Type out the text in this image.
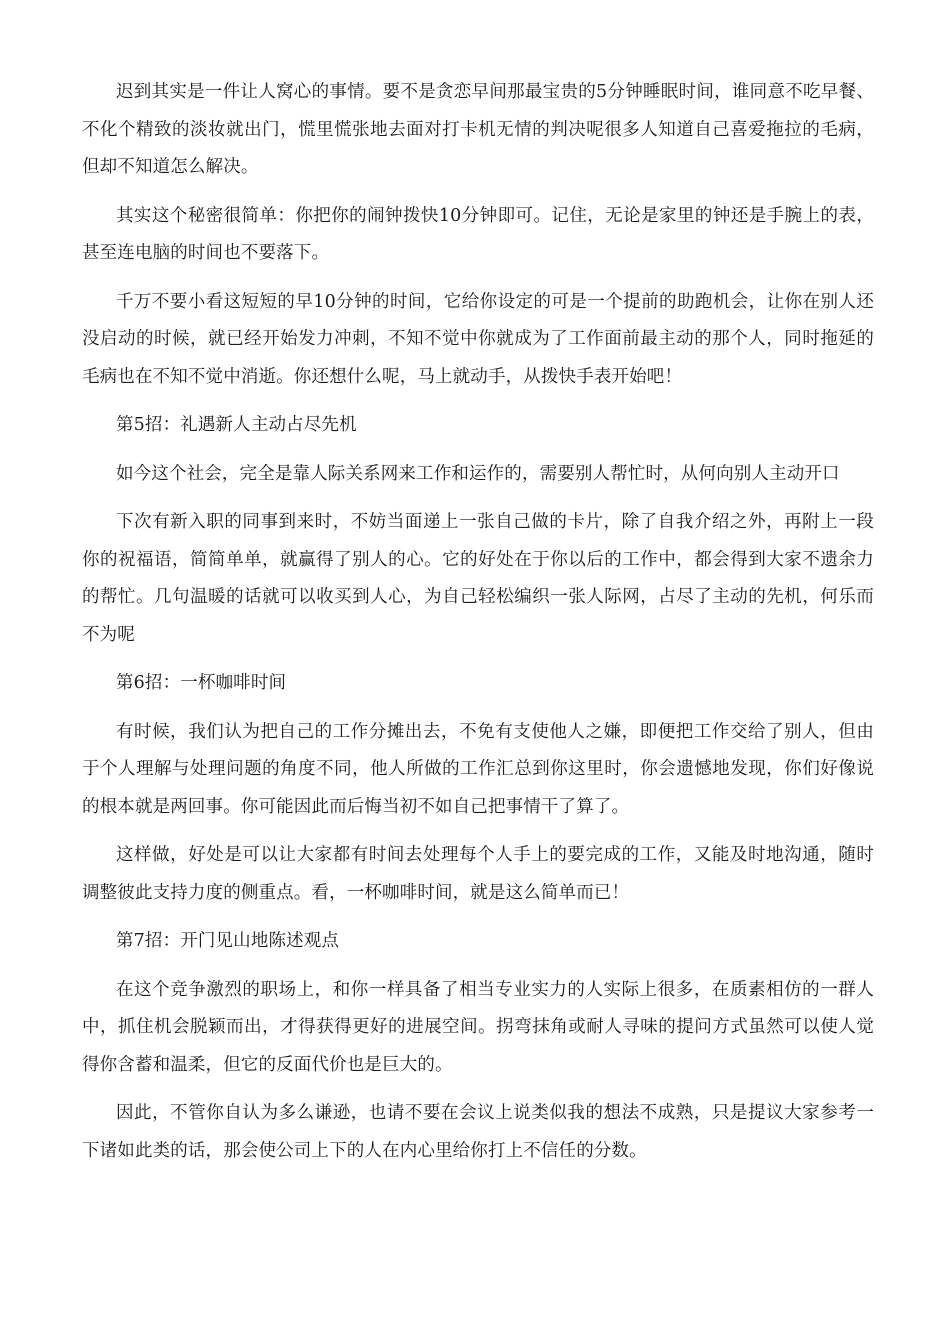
迟到其实是一件让人窝心的事情。要不是贪恋早间那最宝贵的5分钟睡眠时间，谁同意不吃早餐、不化个精致的淡妆就出门，慌里慌张地去面对打卡机无情的判决呢很多人知道自己喜爱拖拉的毛病，但却不知道怎么解决。

其实这个秘密很简单：你把你的闹钟拨快10分钟即可。记住，无论是家里的钟还是手腕上的表，甚至连电脑的时间也不要落下。

千万不要小看这短短的早10分钟的时间，它给你设定的可是一个提前的助跑机会，让你在别人还没启动的时候，就已经开始发力冲刺，不知不觉中你就成为了工作面前最主动的那个人，同时拖延的毛病也在不知不觉中消逝。你还想什么呢，马上就动手，从拨快手表开始吧！

第5招：礼遇新人主动占尽先机

如今这个社会，完全是靠人际关系网来工作和运作的，需要别人帮忙时，从何向别人主动开口

下次有新入职的同事到来时，不妨当面递上一张自己做的卡片，除了自我介绍之外，再附上一段你的祝福语，简简单单，就赢得了别人的心。它的好处在于你以后的工作中，都会得到大家不遗余力的帮忙。几句温暖的话就可以收买到人心，为自己轻松编织一张人际网，占尽了主动的先机，何乐而不为呢

第6招：一杯咖啡时间

有时候，我们认为把自己的工作分摊出去，不免有支使他人之嫌，即便把工作交给了别人，但由于个人理解与处理问题的角度不同，他人所做的工作汇总到你这里时，你会遗憾地发现，你们好像说的根本就是两回事。你可能因此而后悔当初不如自己把事情干了算了。

这样做，好处是可以让大家都有时间去处理每个人手上的要完成的工作，又能及时地沟通，随时调整彼此支持力度的侧重点。看，一杯咖啡时间，就是这么简单而已！

第7招：开门见山地陈述观点

在这个竞争激烈的职场上，和你一样具备了相当专业实力的人实际上很多，在质素相仿的一群人中，抓住机会脱颖而出，才得获得更好的进展空间。拐弯抹角或耐人寻味的提问方式虽然可以使人觉得你含蓄和温柔，但它的反面代价也是巨大的。

因此，不管你自认为多么谦逊，也请不要在会议上说类似我的想法不成熟，只是提议大家参考一下诸如此类的话，那会使公司上下的人在内心里给你打上不信任的分数。
